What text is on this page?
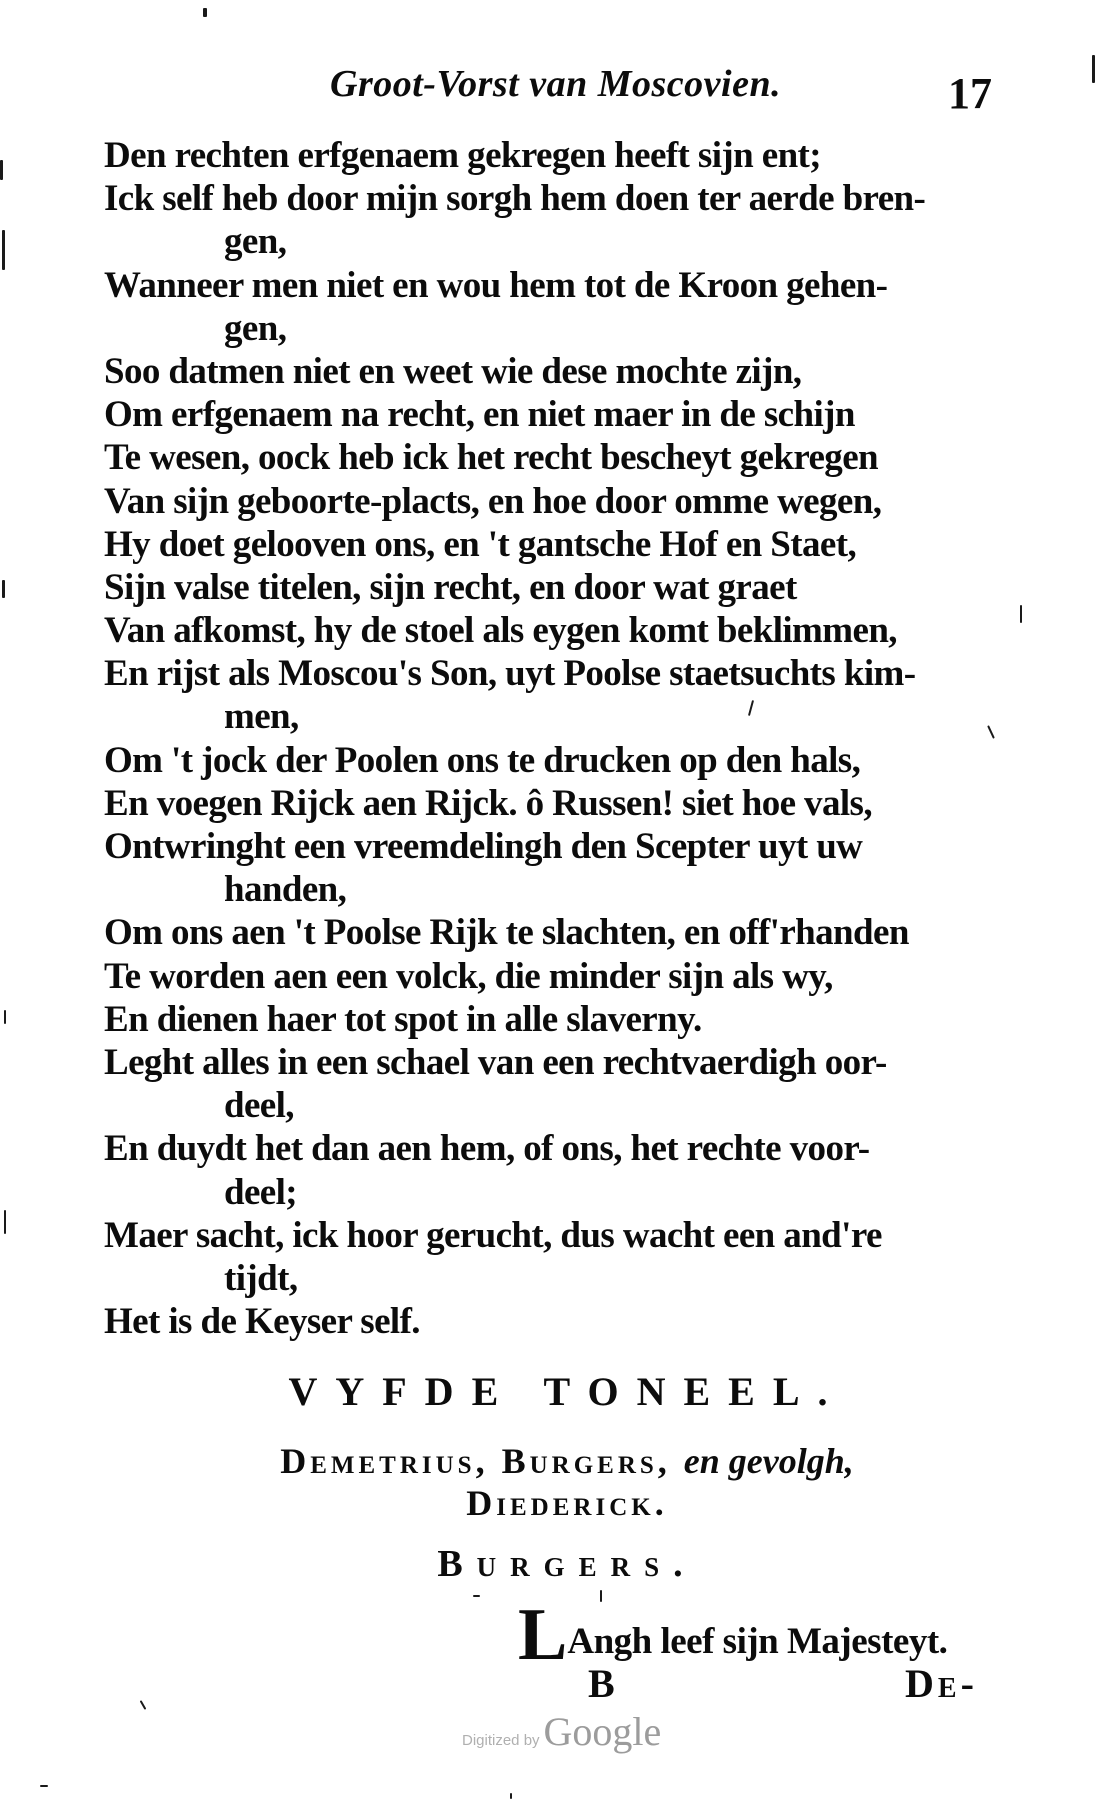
Groot-Vorst van Moscovien.	17
Den rechten erfgenaem gekregen heeft sijn ent;
Ick self heb door mijn sorgh hem doen ter aerde bren-
gen,
Wanneer men niet en wou hem tot de Kroon gehen-
gen,
Soo datmen niet en weet wie dese mochte zijn,
Om erfgenaem na recht, en niet maer in de schijn
Te wesen, oock heb ick het recht bescheyt gekregen
Van sijn geboorte-placts, en hoe door omme wegen,
Hy doet gelooven ons, en 't gantsche Hof en Staet,
Sijn valse titelen, sijn recht, en door wat graet
Van afkomst, hy de stoel als eygen komt beklimmen,
En rijst als Moscou's Son, uyt Poolse staetsuchts kim-
men,
Om 't jock der Poolen ons te drucken op den hals,
En voegen Rijck aen Rijck. ô Russen! siet hoe vals,
Ontwringht een vreemdelingh den Scepter uyt uw
handen,
Om ons aen 't Poolse Rijk te slachten, en off'rhanden
Te worden aen een volck, die minder sijn als wy,
En dienen haer tot spot in alle slaverny.
Leght alles in een schael van een rechtvaerdigh oor-
deel,
En duydt het dan aen hem, of ons, het rechte voor-
deel;
Maer sacht, ick hoor gerucht, dus wacht een and're
tijdt,
Het is de Keyser self.
VYFDE TONEEL.
Demetrius, Burgers, en gevolgh,
Diederick.
Burgers.
LAngh leef sijn Majesteyt.
B	De-
Digitized by Google
